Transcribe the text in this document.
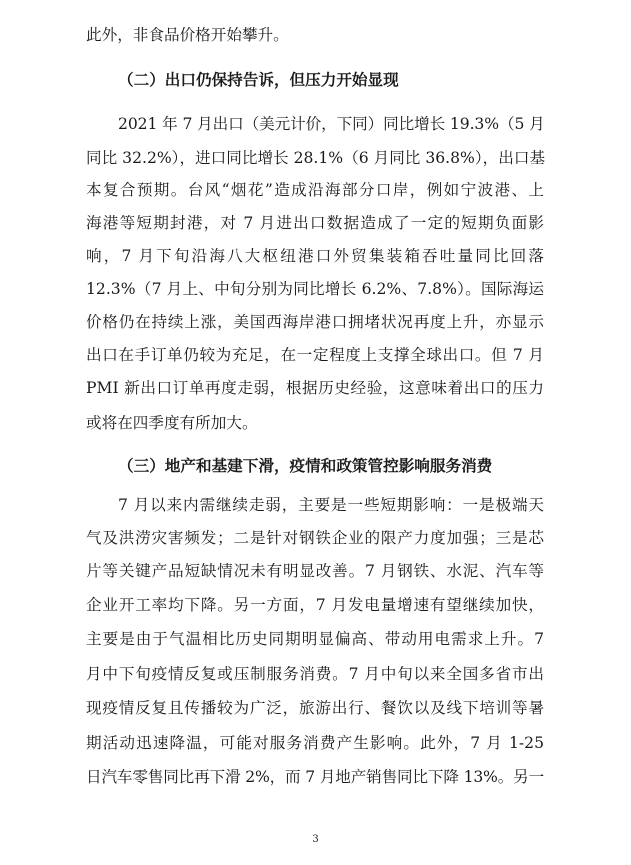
此外，非食品价格开始攀升。
（二）出口仍保持告诉，但压力开始显现
2021 年 7 月出口（美元计价，下同）同比增长 19.3%（5 月
同比 32.2%），进口同比增长 28.1%（6 月同比 36.8%），出口基
本复合预期。台风“烟花”造成沿海部分口岸，例如宁波港、上
海港等短期封港，对 7 月进出口数据造成了一定的短期负面影
响，7 月下旬沿海八大枢纽港口外贸集装箱吞吐量同比回落
12.3%（7 月上、中旬分别为同比增长 6.2%、7.8%）。国际海运
价格仍在持续上涨，美国西海岸港口拥堵状况再度上升，亦显示
出口在手订单仍较为充足，在一定程度上支撑全球出口。但 7 月
PMI 新出口订单再度走弱，根据历史经验，这意味着出口的压力
或将在四季度有所加大。
（三）地产和基建下滑，疫情和政策管控影响服务消费
7 月以来内需继续走弱，主要是一些短期影响：一是极端天
气及洪涝灾害频发；二是针对钢铁企业的限产力度加强；三是芯
片等关键产品短缺情况未有明显改善。7 月钢铁、水泥、汽车等
企业开工率均下降。另一方面，7 月发电量增速有望继续加快，
主要是由于气温相比历史同期明显偏高、带动用电需求上升。7
月中下旬疫情反复或压制服务消费。7 月中旬以来全国多省市出
现疫情反复且传播较为广泛，旅游出行、餐饮以及线下培训等暑
期活动迅速降温，可能对服务消费产生影响。此外，7 月 1-25
日汽车零售同比再下滑 2%，而 7 月地产销售同比下降 13%。另一
3
